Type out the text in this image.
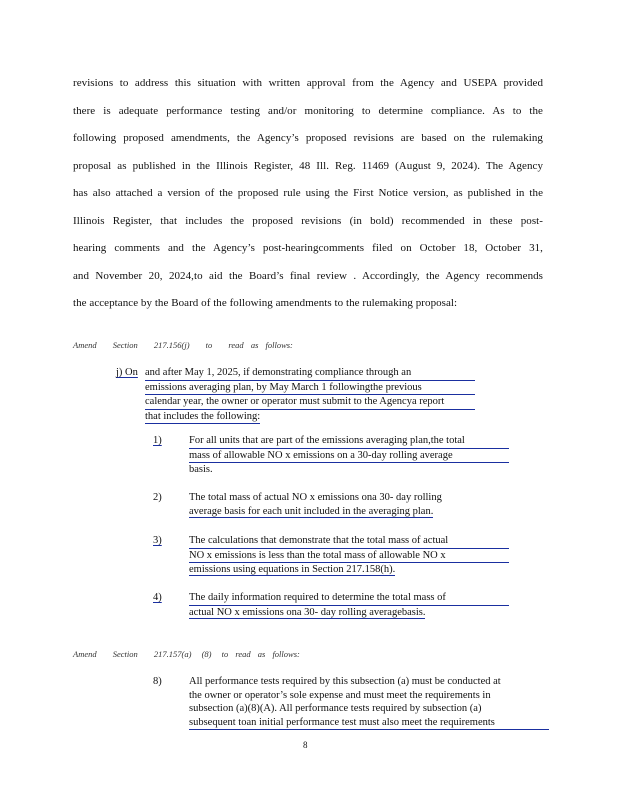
revisions to address this situation with written approval from the Agency and USEPA provided
there is adequate performance testing and/or monitoring to determine compliance. As to the
following proposed amendments, the Agency’s proposed revisions are based on the rulemaking
proposal as published in the Illinois Register, 48 Ill. Reg. 11469 (August 9, 2024). The Agency
has also attached a version of the proposed rule using the First Notice version, as published in the
Illinois Register, that includes the proposed revisions (in bold) recommended in these post-
hearing comments and the Agency’s post-hearingcomments filed on October 18, October 31,
and November 20, 2024,to aid the Board’s final review . Accordingly, the Agency recommends
the acceptance by the Board of the following amendments to the rulemaking proposal:
Amend Section 217.156(j) to read as follows:
j) On and after May 1, 2025, if demonstrating compliance through an
emissions averaging plan, by May March 1 followingthe previous
calendar year, the owner or operator must submit to the Agencya report
that includes the following:
1)	For all units that are part of the emissions averaging plan,the total
mass of allowable NO x emissions on a 30-day rolling average
basis.
2)	The total mass of actual NO x emissions ona 30- day rolling
average basis for each unit included in the averaging plan.
3)	The calculations that demonstrate that the total mass of actual
NO x emissions is less than the total mass of allowable NO x
emissions using equations in Section 217.158(h).
4)	The daily information required to determine the total mass of
actual NO x emissions ona 30- day rolling averagebasis.
Amend Section 217.157(a) (8) to read as follows:
8)	All performance tests required by this subsection (a) must be conducted at
the owner or operator’s sole expense and must meet the requirements in
subsection (a)(8)(A). All performance tests required by subsection (a)
subsequent toan initial performance test must also meet the requirements
8
